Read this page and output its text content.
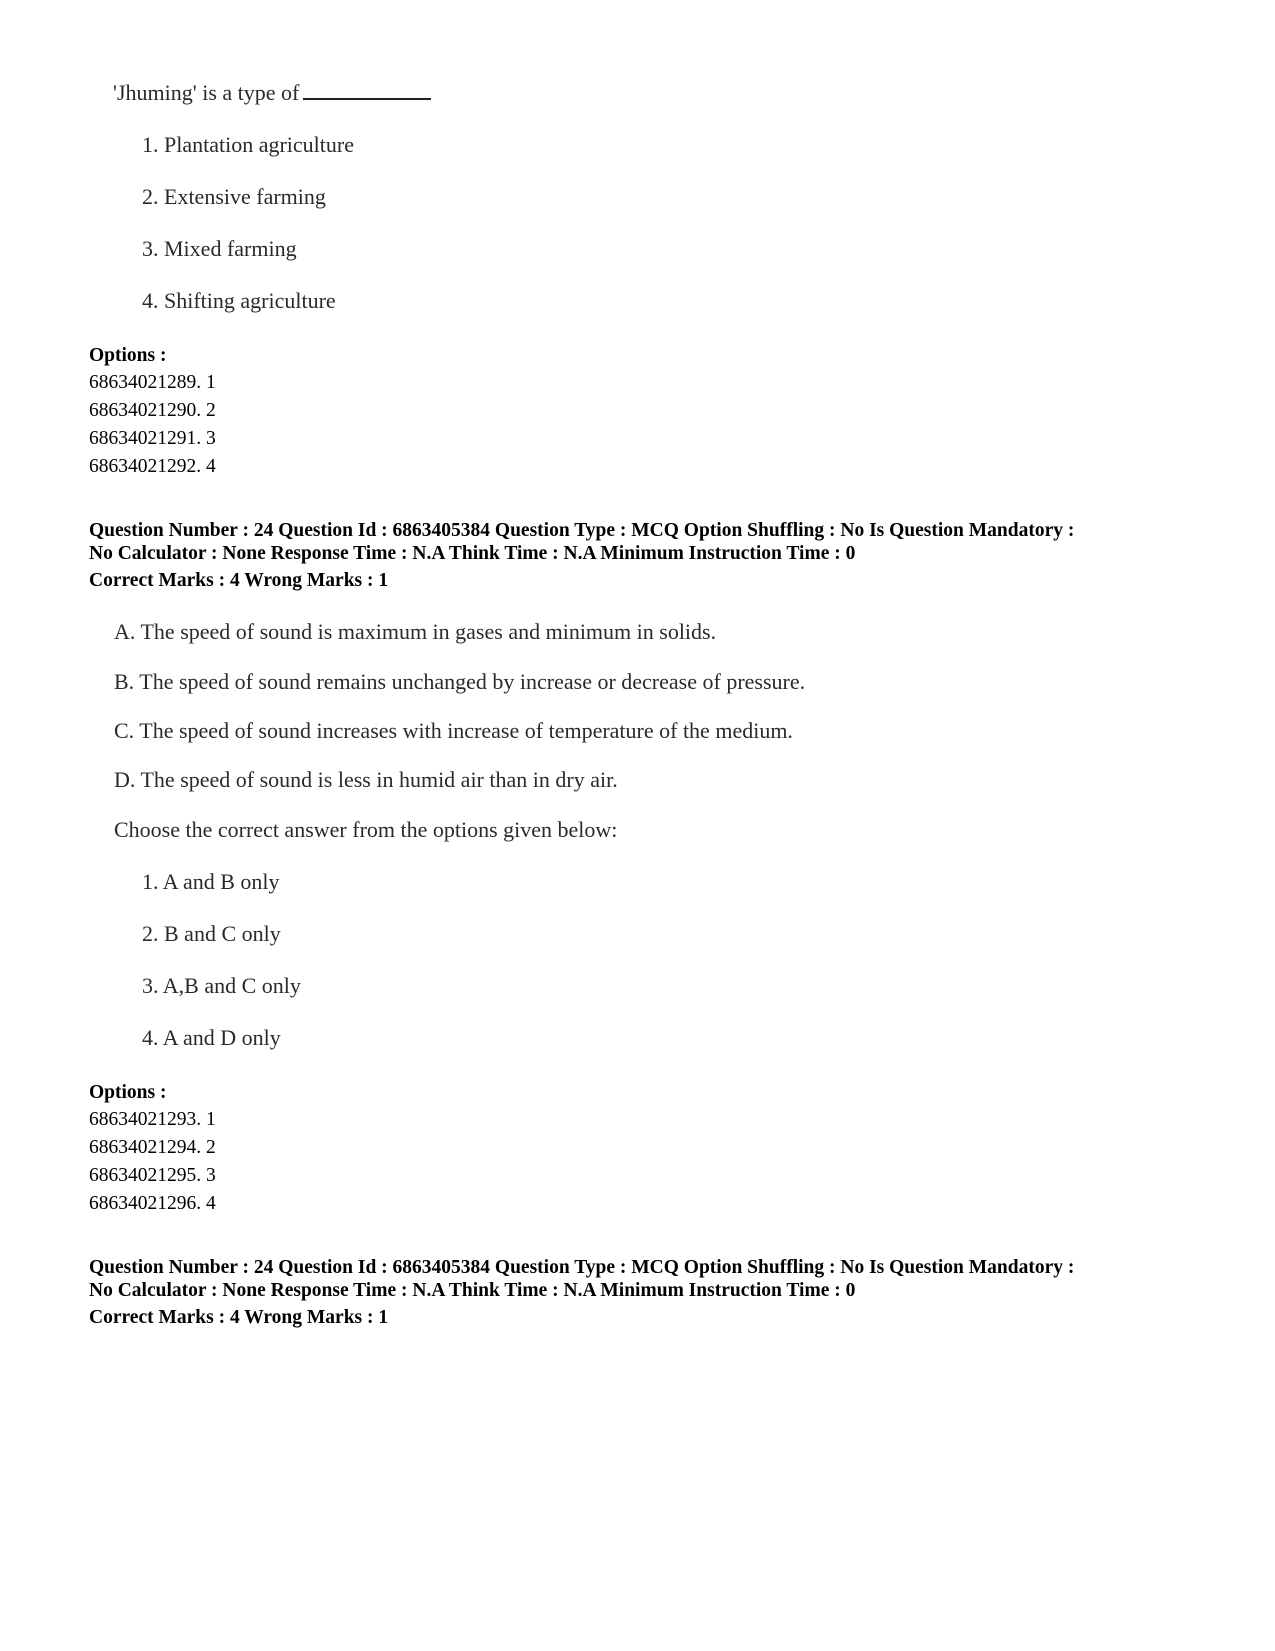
'Jhuming' is a type of
1. Plantation agriculture
2. Extensive farming
3. Mixed farming
4. Shifting agriculture
Options :
68634021289. 1
68634021290. 2
68634021291. 3
68634021292. 4
Question Number : 24 Question Id : 6863405384 Question Type : MCQ Option Shuffling : No Is Question Mandatory :
No Calculator : None Response Time : N.A Think Time : N.A Minimum Instruction Time : 0
Correct Marks : 4 Wrong Marks : 1
A. The speed of sound is maximum in gases and minimum in solids.
B. The speed of sound remains unchanged by increase or decrease of pressure.
C. The speed of sound increases with increase of temperature of the medium.
D. The speed of sound is less in humid air than in dry air.
Choose the correct answer from the options given below:
1. A and B only
2. B and C only
3. A,B and C only
4. A and D only
Options :
68634021293. 1
68634021294. 2
68634021295. 3
68634021296. 4
Question Number : 24 Question Id : 6863405384 Question Type : MCQ Option Shuffling : No Is Question Mandatory :
No Calculator : None Response Time : N.A Think Time : N.A Minimum Instruction Time : 0
Correct Marks : 4 Wrong Marks : 1
